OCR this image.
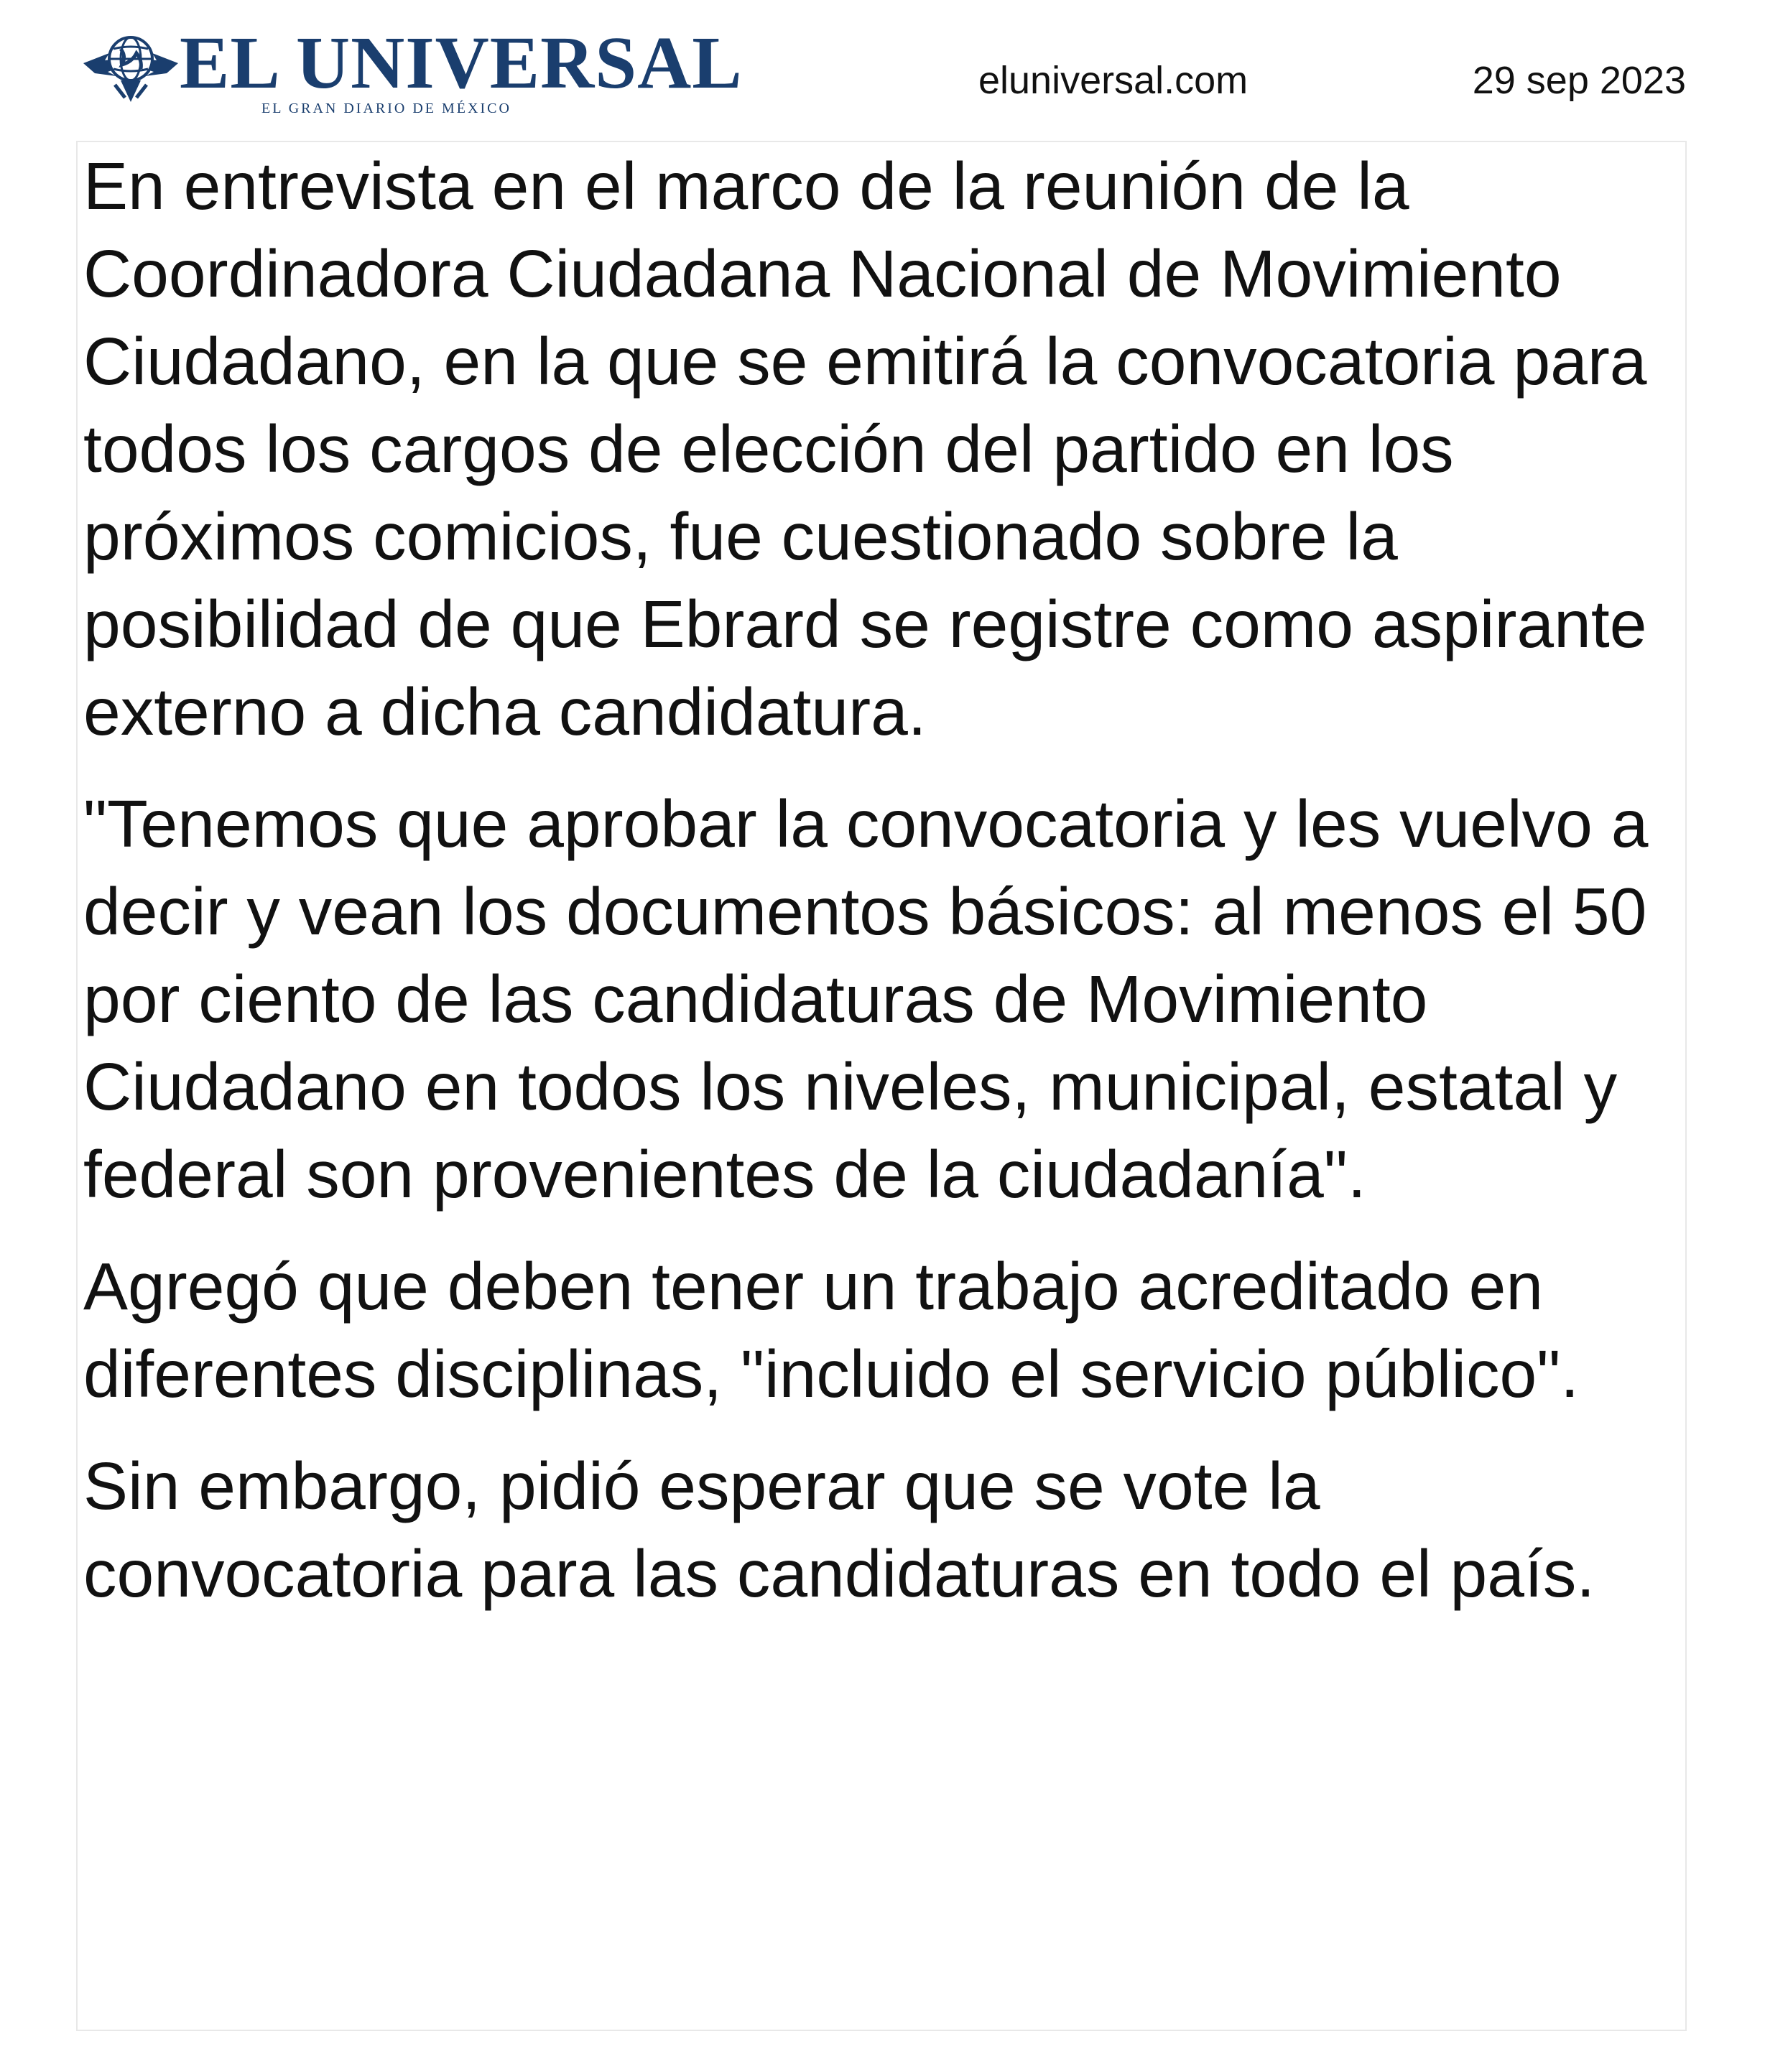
EL UNIVERSAL
EL GRAN DIARIO DE MÉXICO
eluniversal.com	29 sep 2023

En entrevista en el marco de la reunión de la Coordinadora Ciudadana Nacional de Movimiento Ciudadano, en la que se emitirá la convocatoria para todos los cargos de elección del partido en los próximos comicios, fue cuestionado sobre la posibilidad de que Ebrard se registre como aspirante externo a dicha candidatura.

"Tenemos que aprobar la convocatoria y les vuelvo a decir y vean los documentos básicos: al menos el 50 por ciento de las candidaturas de Movimiento Ciudadano en todos los niveles, municipal, estatal y federal son provenientes de la ciudadanía".

Agregó que deben tener un trabajo acreditado en diferentes disciplinas, "incluido el servicio público".

Sin embargo, pidió esperar que se vote la convocatoria para las candidaturas en todo el país.
